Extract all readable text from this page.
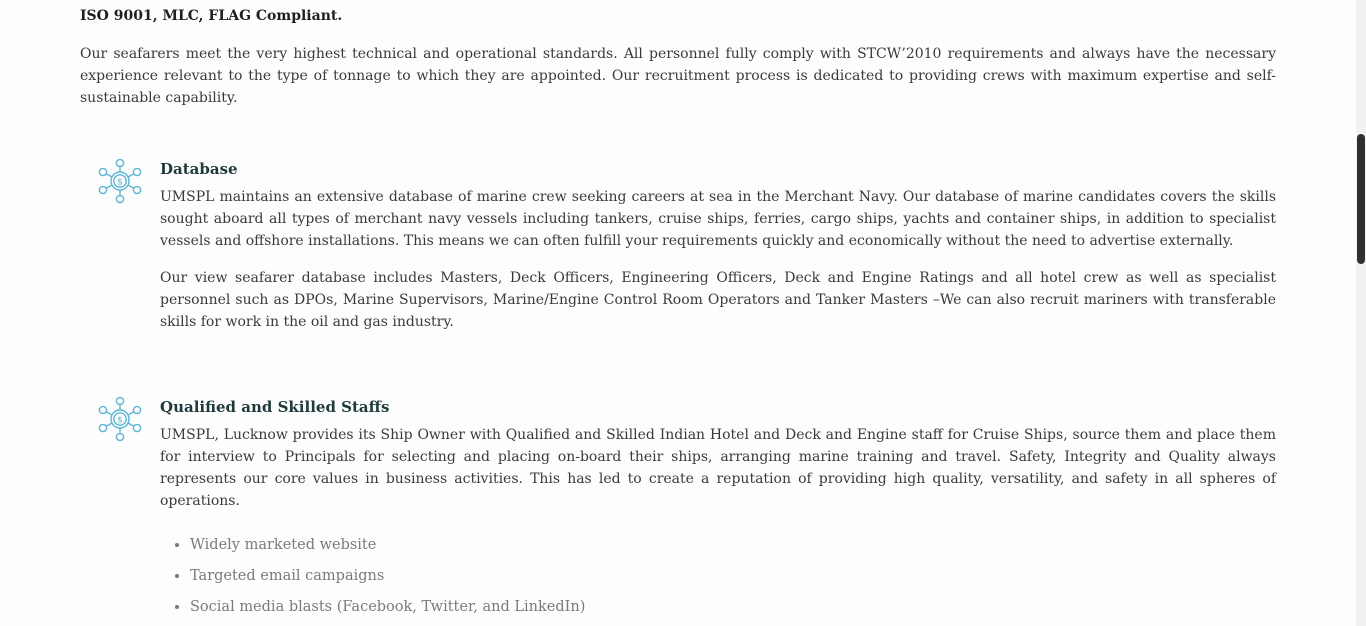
ISO 9001, MLC, FLAG Compliant.
Our seafarers meet the very highest technical and operational standards. All personnel fully comply with STCW’2010 requirements and always have the necessary experience relevant to the type of tonnage to which they are appointed. Our recruitment process is dedicated to providing crews with maximum expertise and self-sustainable capability.
$
Database

UMSPL maintains an extensive database of marine crew seeking careers at sea in the Merchant Navy. Our database of marine candidates covers the skills sought aboard all types of merchant navy vessels including tankers, cruise ships, ferries, cargo ships, yachts and container ships, in addition to specialist vessels and offshore installations. This means we can often fulfill your requirements quickly and economically without the need to advertise externally.

Our view seafarer database includes Masters, Deck Officers, Engineering Officers, Deck and Engine Ratings and all hotel crew as well as specialist personnel such as DPOs, Marine Supervisors, Marine/Engine Control Room Operators and Tanker Masters –We can also recruit mariners with transferable skills for work in the oil and gas industry.

$
Qualified and Skilled Staffs

UMSPL, Lucknow provides its Ship Owner with Qualified and Skilled Indian Hotel and Deck and Engine staff for Cruise Ships, source them and place them for interview to Principals for selecting and placing on-board their ships, arranging marine training and travel. Safety, Integrity and Quality always represents our core values in business activities. This has led to create a reputation of providing high quality, versatility, and safety in all spheres of operations.

• Widely marketed website
• Targeted email campaigns
• Social media blasts (Facebook, Twitter, and LinkedIn)
